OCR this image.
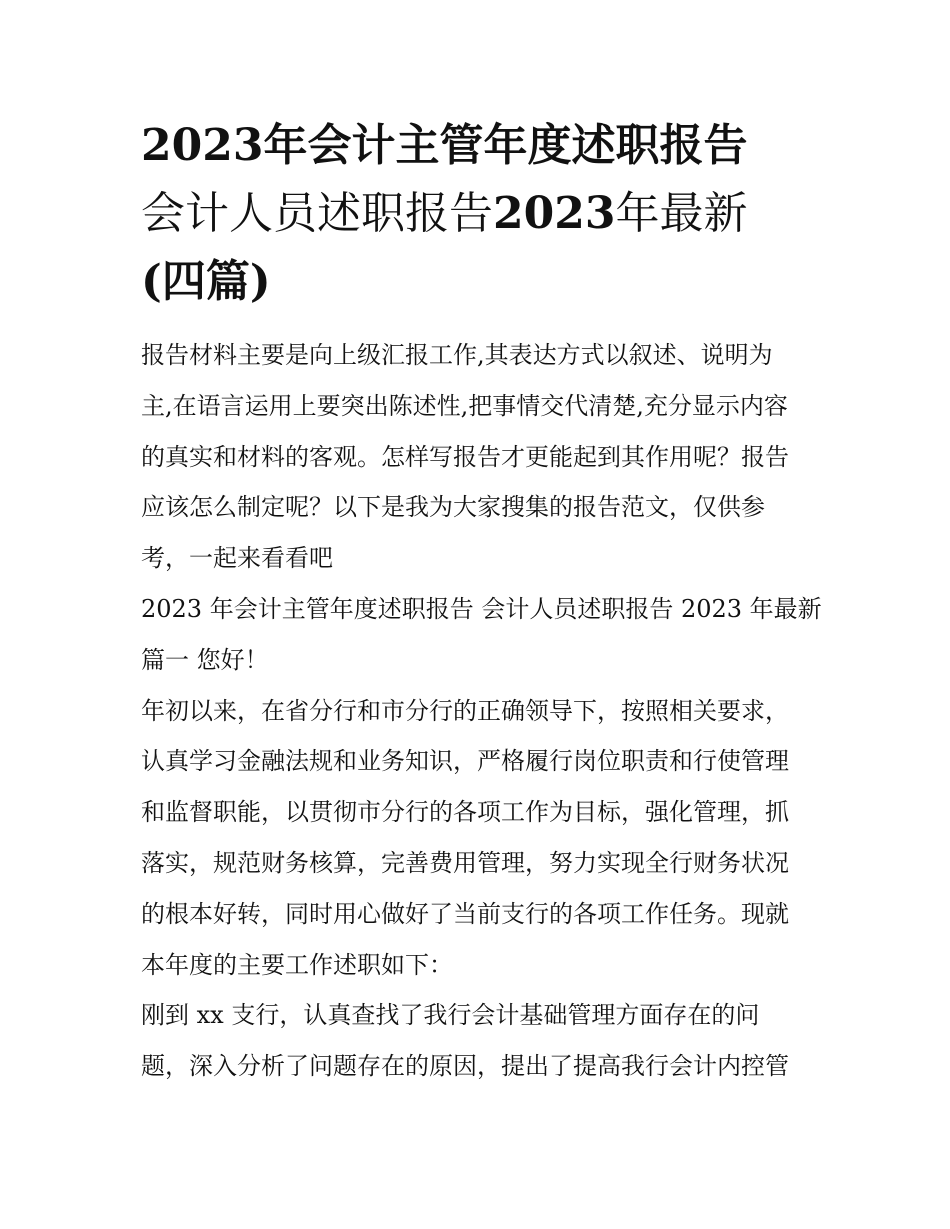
2023年会计主管年度述职报告
会计人员述职报告2023年最新
(四篇)
报告材料主要是向上级汇报工作,其表达方式以叙述、说明为
主,在语言运用上要突出陈述性,把事情交代清楚,充分显示内容
的真实和材料的客观。怎样写报告才更能起到其作用呢？报告
应该怎么制定呢？以下是我为大家搜集的报告范文，仅供参
考，一起来看看吧
2023 年会计主管年度述职报告 会计人员述职报告 2023 年最新
篇一 您好！
年初以来，在省分行和市分行的正确领导下，按照相关要求，
认真学习金融法规和业务知识，严格履行岗位职责和行使管理
和监督职能，以贯彻市分行的各项工作为目标，强化管理，抓
落实，规范财务核算，完善费用管理，努力实现全行财务状况
的根本好转，同时用心做好了当前支行的各项工作任务。现就
本年度的主要工作述职如下：
刚到 xx 支行，认真查找了我行会计基础管理方面存在的问
题，深入分析了问题存在的原因，提出了提高我行会计内控管
